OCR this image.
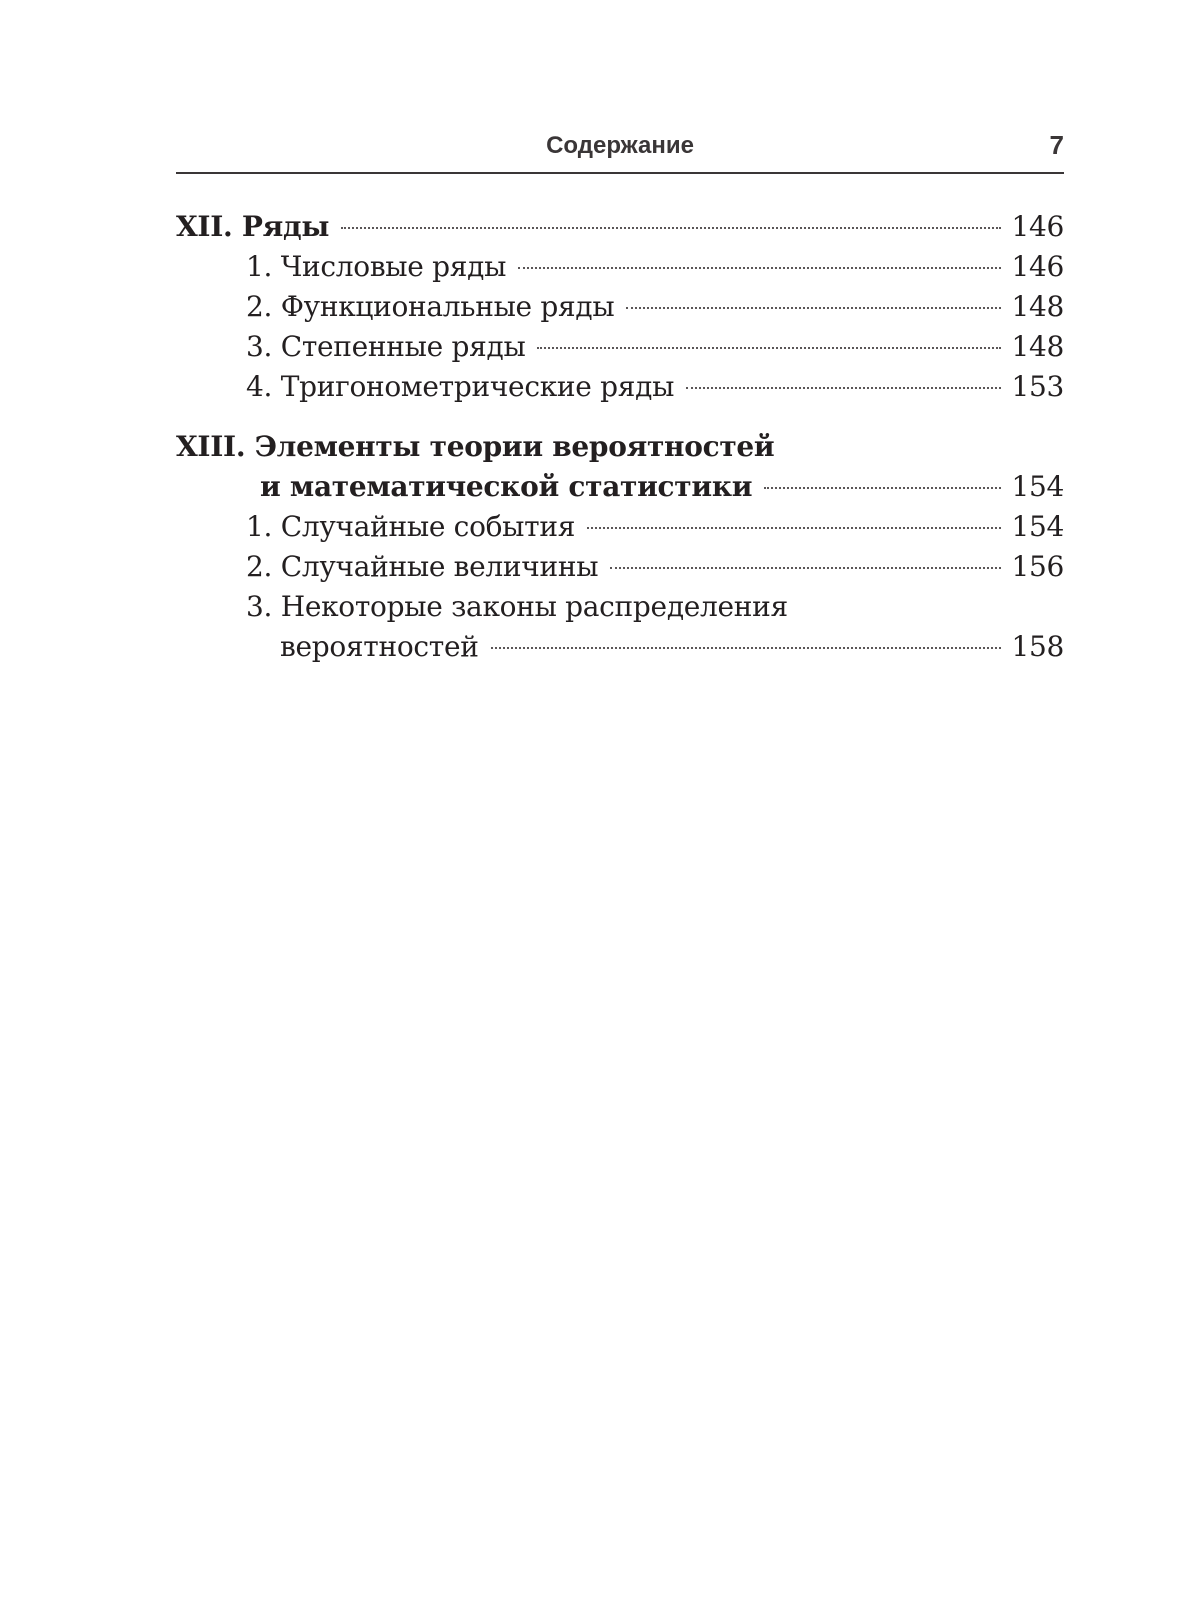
Содержание	7
XII. Ряды	146
1. Числовые ряды	146
2. Функциональные ряды	148
3. Степенные ряды	148
4. Тригонометрические ряды	153
XIII. Элементы теории вероятностей
и математической статистики	154
1. Случайные события	154
2. Случайные величины	156
3. Некоторые законы распределения
вероятностей	158
